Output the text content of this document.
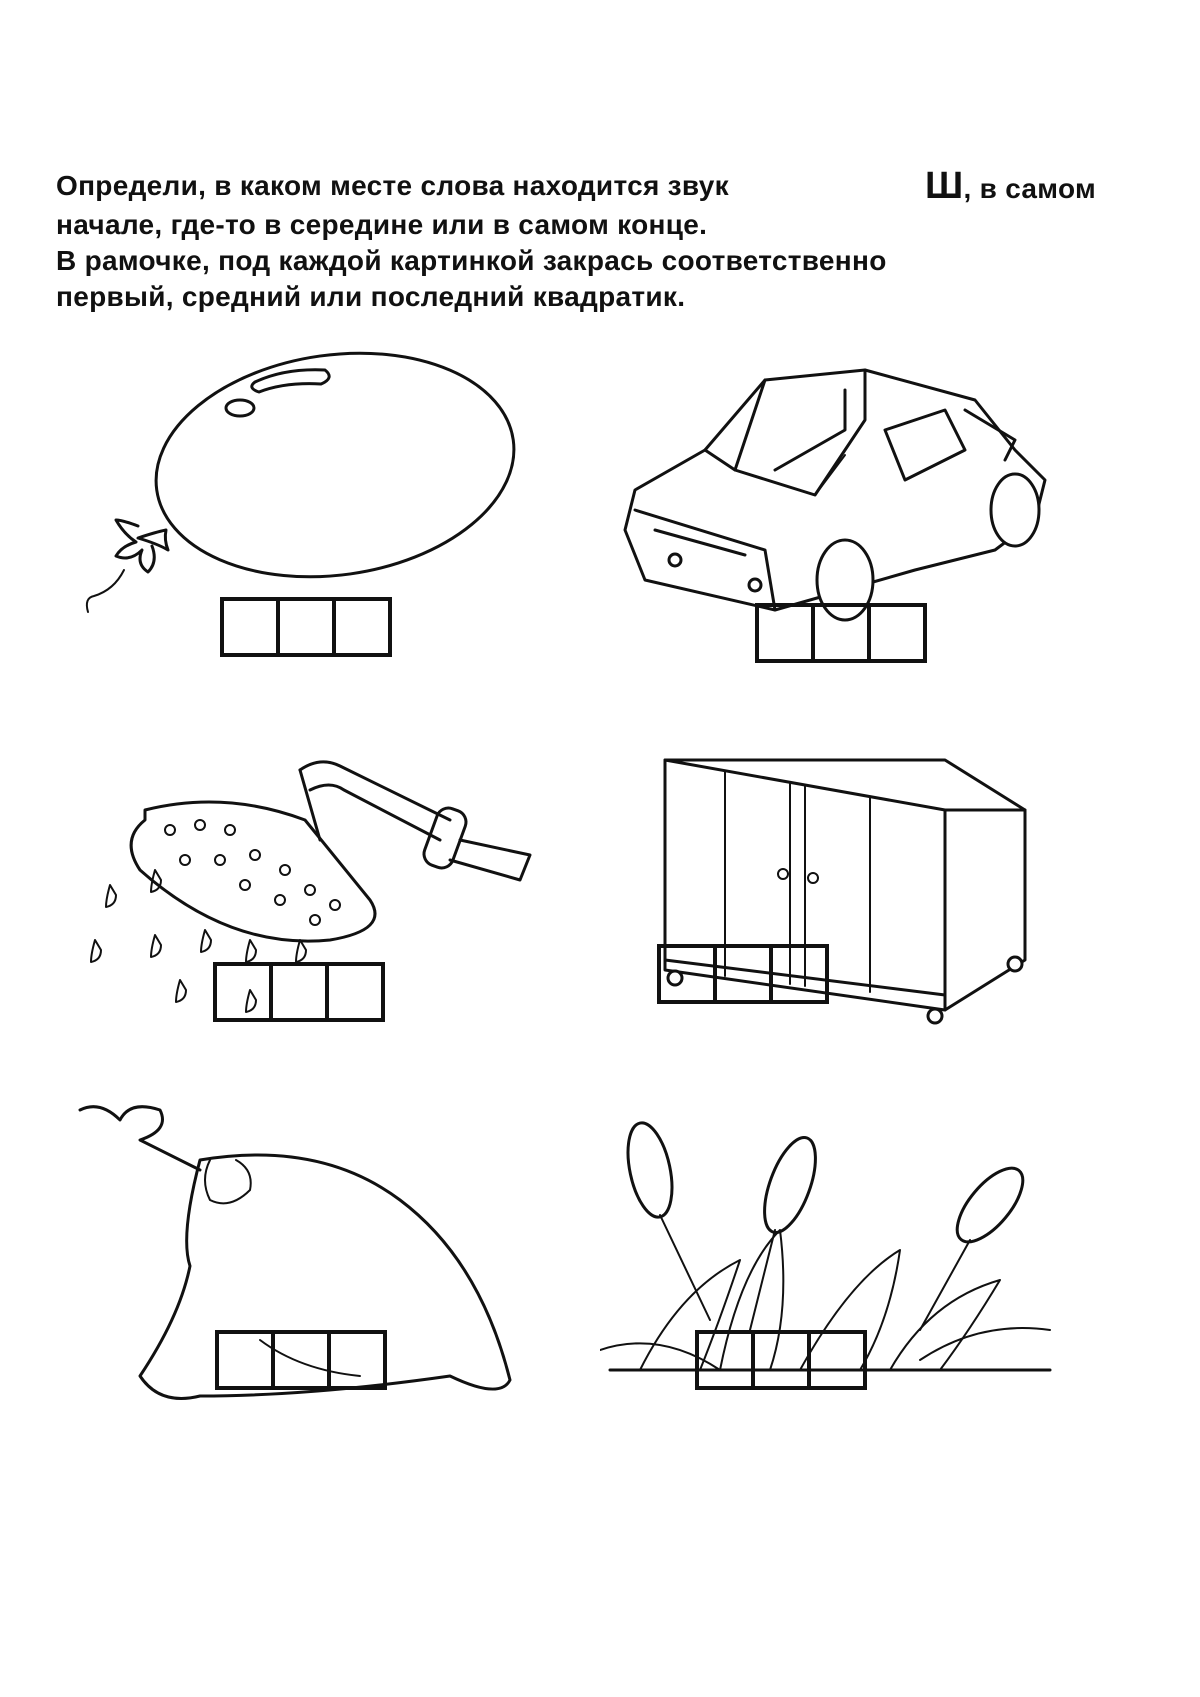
Определи, в каком месте слова находится звук	Ш, в самом
начале, где-то в середине или в самом конце.
В рамочке, под каждой картинкой закрась соответственно
первый, средний или последний квадратик.
